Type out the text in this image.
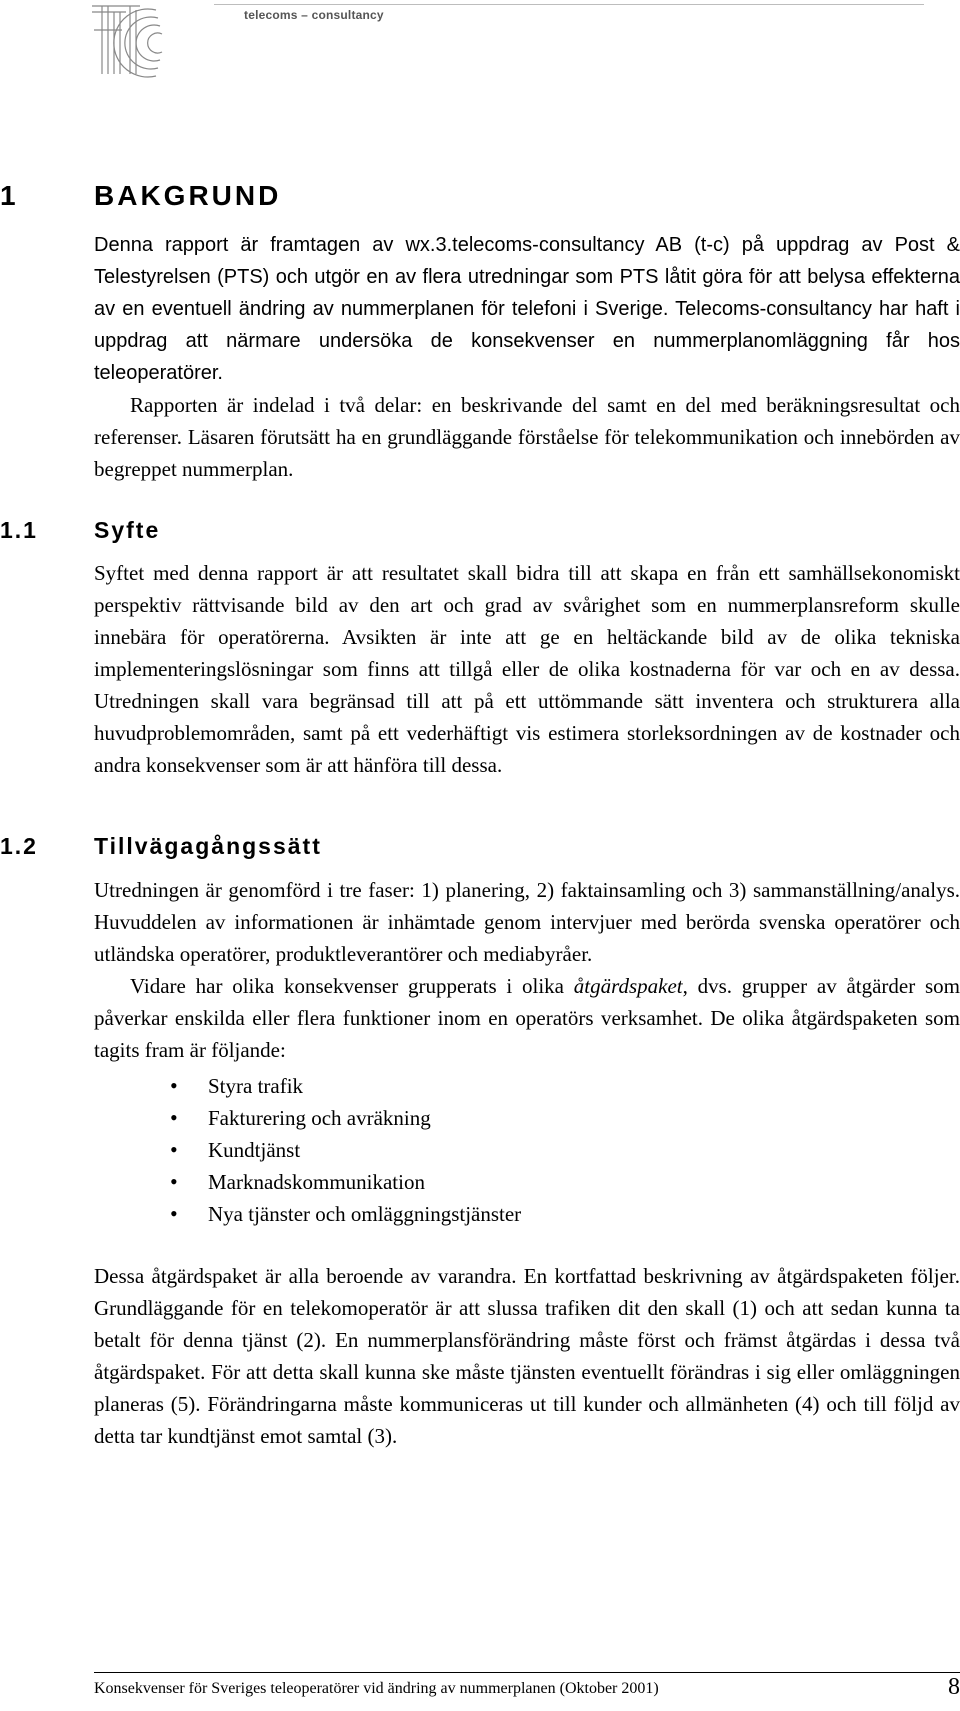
telecoms – consultancy
1	BAKGRUND

Denna rapport är framtagen av wx.3.telecoms-consultancy AB (t-c) på uppdrag av Post & Telestyrelsen (PTS) och utgör en av flera utredningar som PTS låtit göra för att belysa effekterna av en eventuell ändring av nummerplanen för telefoni i Sverige. Telecoms-consultancy har haft i uppdrag att närmare undersöka de konsekvenser en nummerplanomläggning får hos teleoperatörer.

Rapporten är indelad i två delar: en beskrivande del samt en del med beräkningsresultat och referenser. Läsaren förutsätt ha en grundläggande förståelse för telekommunikation och innebörden av begreppet nummerplan.

1.1 Syfte

Syftet med denna rapport är att resultatet skall bidra till att skapa en från ett samhällsekonomiskt perspektiv rättvisande bild av den art och grad av svårighet som en nummerplansreform skulle innebära för operatörerna. Avsikten är inte att ge en heltäckande bild av de olika tekniska implementeringslösningar som finns att tillgå eller de olika kostnaderna för var och en av dessa. Utredningen skall vara begränsad till att på ett uttömmande sätt inventera och strukturera alla huvudproblemområden, samt på ett vederhäftigt vis estimera storleksordningen av de kostnader och andra konsekvenser som är att hänföra till dessa.

1.2 Tillvägagångssätt

Utredningen är genomförd i tre faser: 1) planering, 2) faktainsamling och 3) sammanställning/analys. Huvuddelen av informationen är inhämtade genom intervjuer med berörda svenska operatörer och utländska operatörer, produktleverantörer och mediabyråer.

Vidare har olika konsekvenser grupperats i olika åtgärdspaket, dvs. grupper av åtgärder som påverkar enskilda eller flera funktioner inom en operatörs verksamhet. De olika åtgärdspaketen som tagits fram är följande:

• Styra trafik
• Fakturering och avräkning
• Kundtjänst
• Marknadskommunikation
• Nya tjänster och omläggningstjänster

Dessa åtgärdspaket är alla beroende av varandra. En kortfattad beskrivning av åtgärdspaketen följer. Grundläggande för en telekomoperatör är att slussa trafiken dit den skall (1) och att sedan kunna ta betalt för denna tjänst (2). En nummerplansförändring måste först och främst åtgärdas i dessa två åtgärdspaket. För att detta skall kunna ske måste tjänsten eventuellt förändras i sig eller omläggningen planeras (5). Förändringarna måste kommuniceras ut till kunder och allmänheten (4) och till följd av detta tar kundtjänst emot samtal (3).

Konsekvenser för Sveriges teleoperatörer vid ändring av nummerplanen (Oktober 2001)	8
